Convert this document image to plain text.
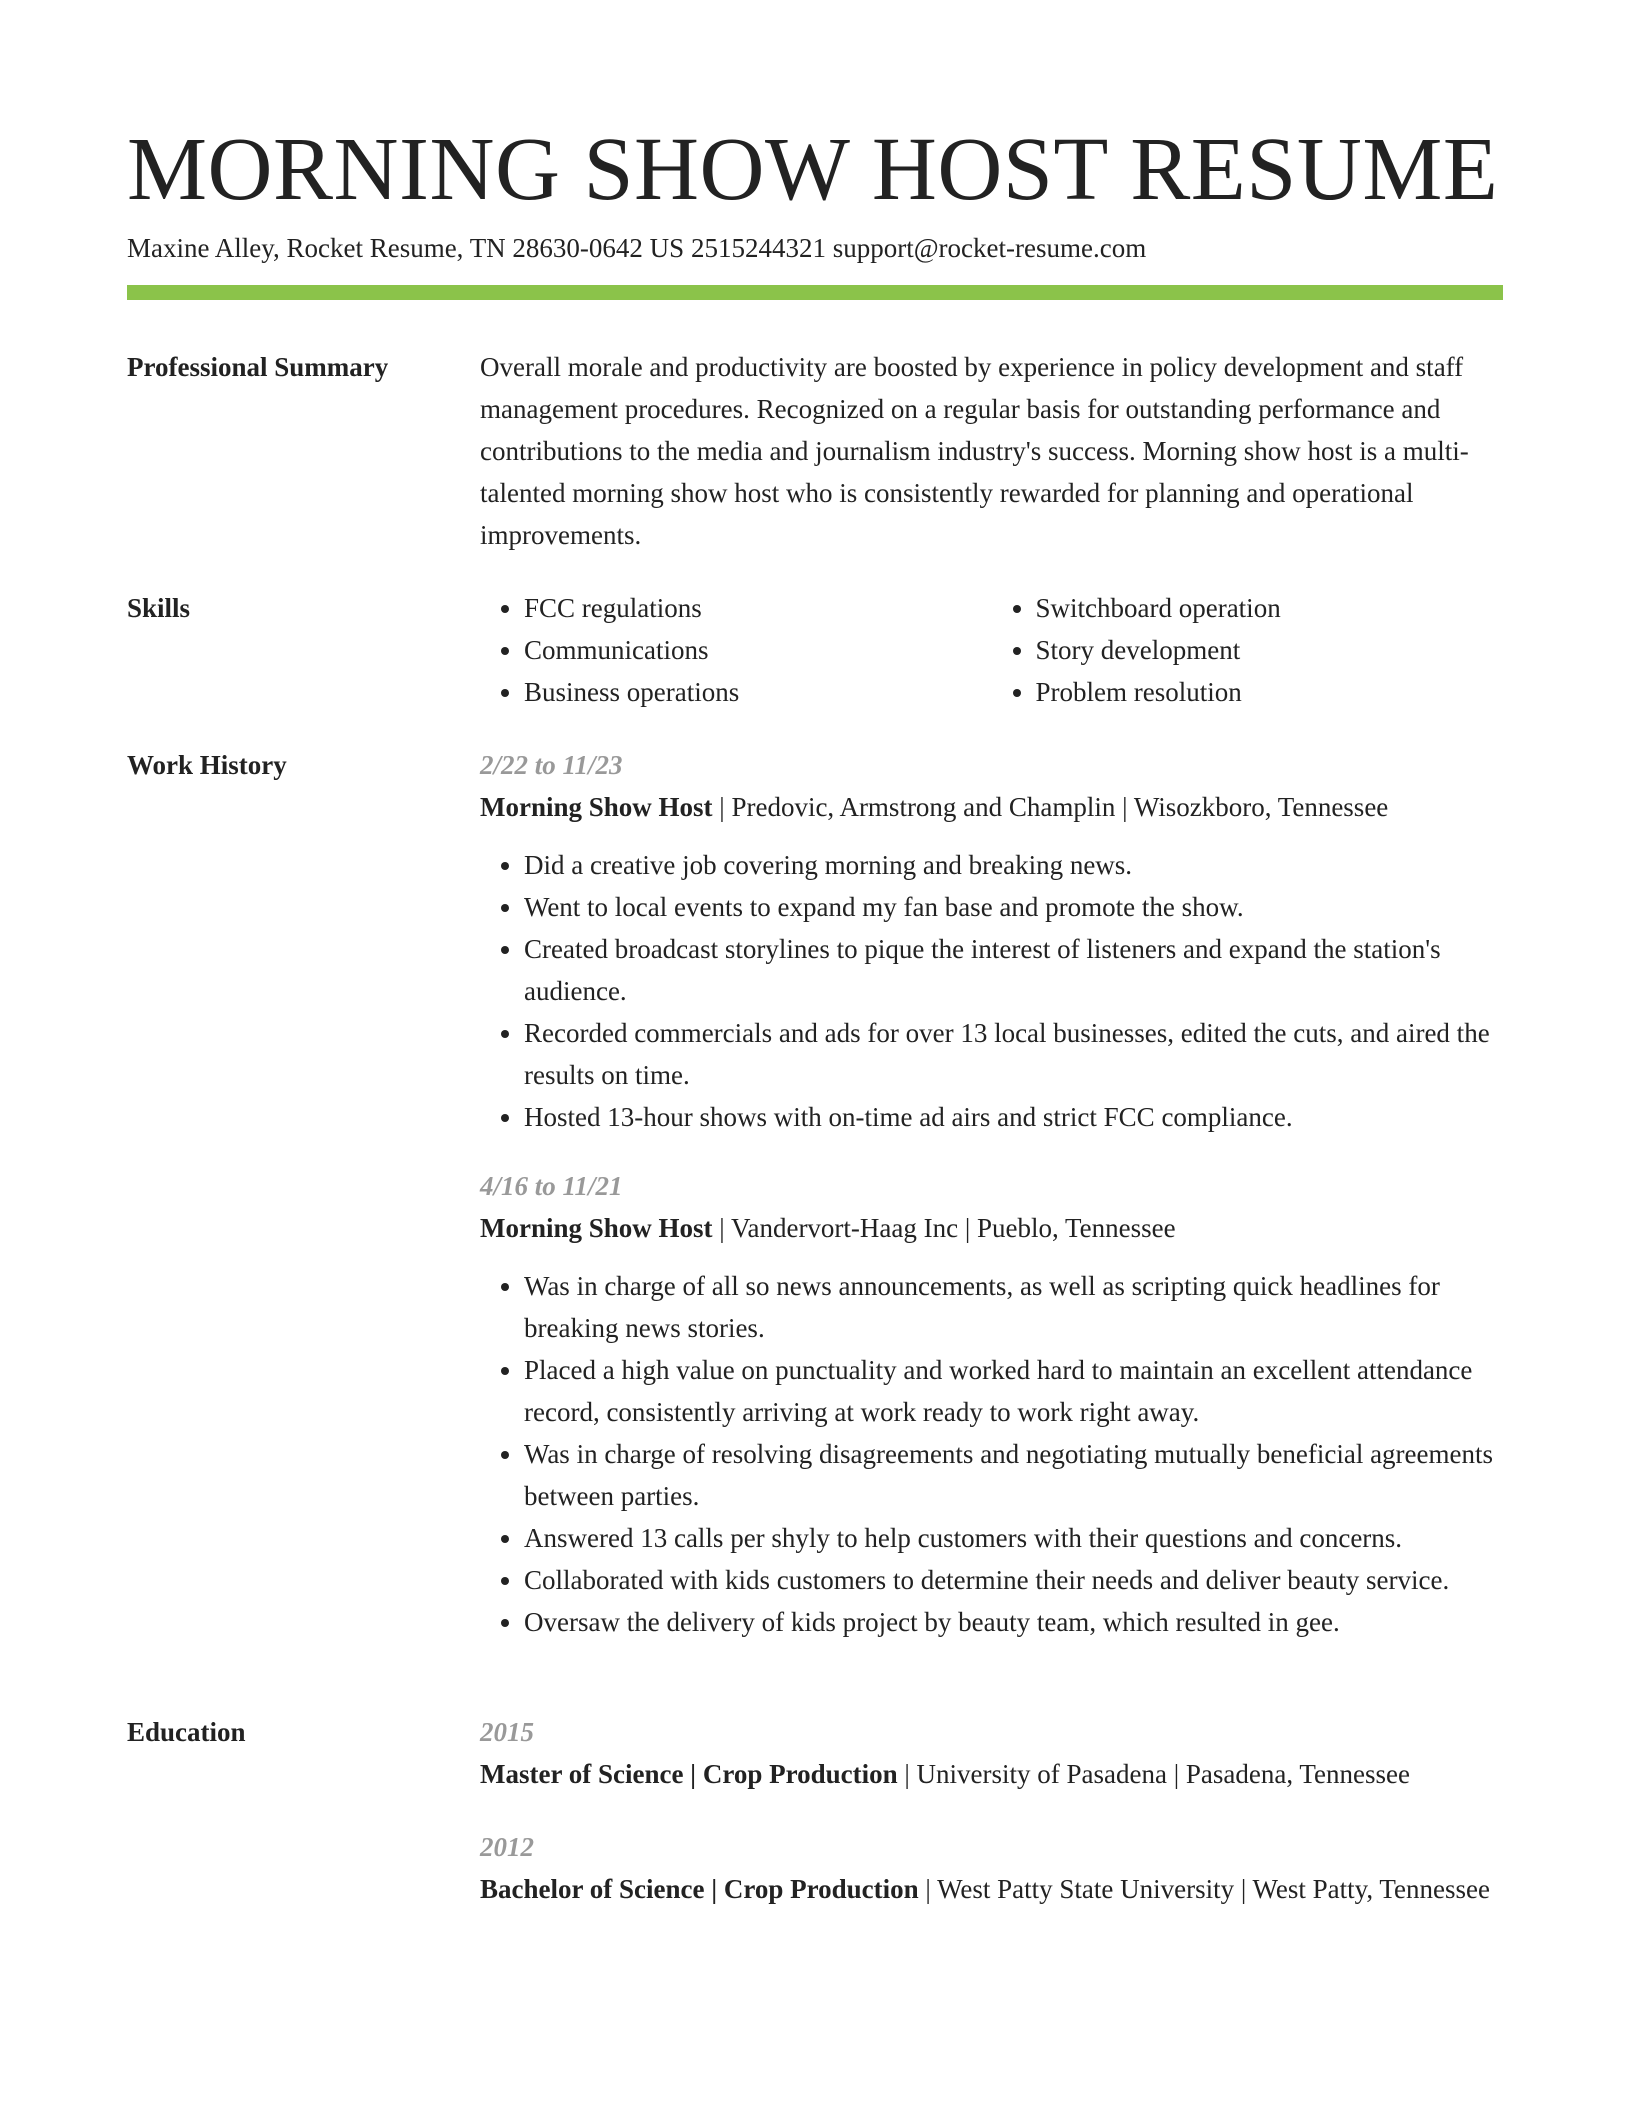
MORNING SHOW HOST RESUME
Maxine Alley, Rocket Resume, TN 28630-0642 US 2515244321 support@rocket-resume.com
Professional Summary	Overall morale and productivity are boosted by experience in policy development and staff management procedures. Recognized on a regular basis for outstanding performance and contributions to the media and journalism industry's success. Morning show host is a multi-talented morning show host who is consistently rewarded for planning and operational improvements.
Skills
•	FCC regulations
• Communications
• Business operations
• Switchboard operation
• Story development
• Problem resolution
Work History	2/22 to 11/23
Morning Show Host | Predovic, Armstrong and Champlin | Wisozkboro, Tennessee
• Did a creative job covering morning and breaking news.
• Went to local events to expand my fan base and promote the show.
• Created broadcast storylines to pique the interest of listeners and expand the station's audience.
• Recorded commercials and ads for over 13 local businesses, edited the cuts, and aired the results on time.
• Hosted 13-hour shows with on-time ad airs and strict FCC compliance.
4/16 to 11/21
Morning Show Host | Vandervort-Haag Inc | Pueblo, Tennessee
• Was in charge of all so news announcements, as well as scripting quick headlines for breaking news stories.
• Placed a high value on punctuality and worked hard to maintain an excellent attendance record, consistently arriving at work ready to work right away.
• Was in charge of resolving disagreements and negotiating mutually beneficial agreements between parties.
• Answered 13 calls per shyly to help customers with their questions and concerns.
• Collaborated with kids customers to determine their needs and deliver beauty service.
• Oversaw the delivery of kids project by beauty team, which resulted in gee.
Education	2015
Master of Science | Crop Production | University of Pasadena | Pasadena, Tennessee
2012
Bachelor of Science | Crop Production | West Patty State University | West Patty, Tennessee
